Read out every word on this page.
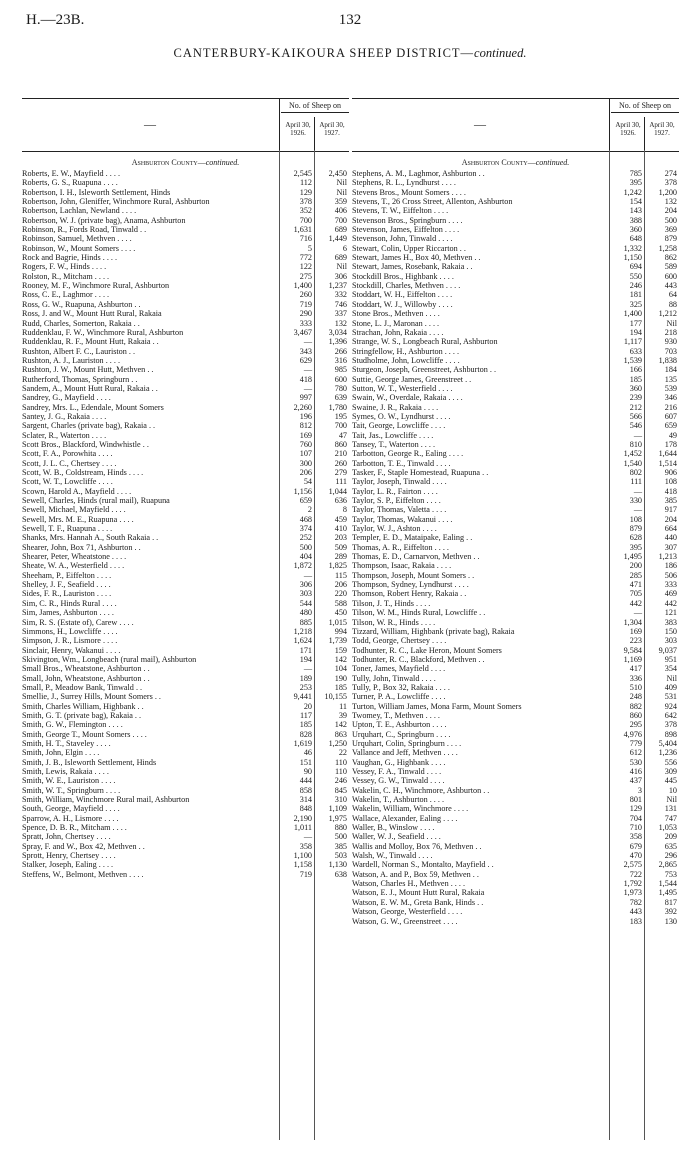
H.—23B.	132
CANTERBURY-KAIKOURA SHEEP DISTRICT—continued.
—
No. of Sheep on
April 30, 1926.
April 30, 1927.
Ashburton County—continued.
Roberts, E. W., Mayfield . . . .	2,545	2,450
Roberts, G. S., Ruapuna . . . .	112	Nil
Robertson, I. H., Isleworth Settlement, Hinds	129	Nil
Robertson, John, Gleniffer, Winchmore Rural, Ashburton	378	359
Robertson, Lachlan, Newland . . . .	352	406
Robertson, W. J. (private bag), Anama, Ashburton	700	700
Robinson, R., Fords Road, Tinwald . .	1,631	689
Robinson, Samuel, Methven . . . .	716	1,449
Robinson, W., Mount Somers . . . .	5	6
Rock and Bagrie, Hinds . . . .	772	689
Rogers, F. W., Hinds . . . .	122	Nil
Rolston, R., Mitcham . . . .	275	306
Rooney, M. F., Winchmore Rural, Ashburton	1,400	1,237
Ross, C. E., Laghmor . . . .	260	332
Ross, G. W., Ruapuna, Ashburton . .	719	746
Ross, J. and W., Mount Hutt Rural, Rakaia	290	337
Rudd, Charles, Somerton, Rakaia . .	333	132
Ruddenklau, F. W., Winchmore Rural, Ashburton	3,467	3,034
Ruddenklau, R. F., Mount Hutt, Rakaia . .	—	1,396
Rushton, Albert F. C., Lauriston . .	343	266
Rushton, A. J., Lauriston . . . .	629	316
Rushton, J. W., Mount Hutt, Methven . .	—	985
Rutherford, Thomas, Springburn . .	418	600
Sandem, A., Mount Hutt Rural, Rakaia . .	—	780
Sandrey, G., Mayfield . . . .	997	639
Sandrey, Mrs. L., Edendale, Mount Somers	2,260	1,780
Santey, J. G., Rakaia . . . .	196	195
Sargent, Charles (private bag), Rakaia . .	812	700
Sclater, R., Waterton . . . .	169	47
Scott Bros., Blackford, Windwhistle . .	760	860
Scott, F. A., Porowhita . . . .	107	210
Scott, J. L. C., Chertsey . . . .	300	260
Scott, W. B., Coldstream, Hinds . . . .	206	279
Scott, W. T., Lowcliffe . . . .	54	111
Scown, Harold A., Mayfield . . . .	1,156	1,044
Sewell, Charles, Hinds (rural mail), Ruapuna	659	636
Sewell, Michael, Mayfield . . . .	2	8
Sewell, Mrs. M. E., Ruapuna . . . .	468	459
Sewell, T. F., Ruapuna . . . .	374	410
Shanks, Mrs. Hannah A., South Rakaia . .	252	203
Shearer, John, Box 71, Ashburton . .	500	509
Shearer, Peter, Wheatstone . . . .	404	289
Sheate, W. A., Westerfield . . . .	1,872	1,825
Sheeham, P., Eiffelton . . . .	—	115
Shelley, J. F., Seafield . . . .	306	206
Sides, F. R., Lauriston . . . .	303	220
Sim, C. R., Hinds Rural . . . .	544	588
Sim, James, Ashburton . . . .	480	450
Sim, R. S. (Estate of), Carew . . . .	885	1,015
Simmons, H., Lowcliffe . . . .	1,218	994
Simpson, J. R., Lismore . . . .	1,624	1,739
Sinclair, Henry, Wakanui . . . .	171	159
Skivington, Wm., Longbeach (rural mail), Ashburton	194	142
Small Bros., Wheatstone, Ashburton . .	—	104
Small, John, Wheatstone, Ashburton . .	189	190
Small, P., Meadow Bank, Tinwald . .	253	185
Smellie, J., Surrey Hills, Mount Somers . .	9,441	10,155
Smith, Charles William, Highbank . .	20	11
Smith, G. T. (private bag), Rakaia . .	117	39
Smith, G. W., Flemington . . . .	185	142
Smith, George T., Mount Somers . . . .	828	863
Smith, H. T., Staveley . . . .	1,619	1,250
Smith, John, Elgin . . . .	46	22
Smith, J. B., Isleworth Settlement, Hinds	151	110
Smith, Lewis, Rakaia . . . .	90	110
Smith, W. E., Lauriston . . . .	444	246
Smith, W. T., Springburn . . . .	858	845
Smith, William, Winchmore Rural mail, Ashburton	314	310
South, George, Mayfield . . . .	848	1,109
Sparrow, A. H., Lismore . . . .	2,190	1,975
Spence, D. B. R., Mitcham . . . .	1,011	880
Spratt, John, Chertsey . . . .	—	500
Spray, F. and W., Box 42, Methven . .	358	385
Sprott, Henry, Chertsey . . . .	1,100	503
Stalker, Joseph, Ealing . . . .	1,158	1,130
Steffens, W., Belmont, Methven . . . .	719	638
—
No. of Sheep on
April 30, 1926.
April 30, 1927.
Ashburton County—continued.
Stephens, A. M., Laghmor, Ashburton . .	785	274
Stephens, R. L., Lyndhurst . . . .	395	378
Stevens Bros., Mount Somers . . . .	1,242	1,200
Stevens, T., 26 Cross Street, Allenton, Ashburton	154	132
Stevens, T. W., Eiffelton . . . .	143	204
Stevenson Bros., Springburn . . . .	388	500
Stevenson, James, Eiffelton . . . .	360	369
Stevenson, John, Tinwald . . . .	648	879
Stewart, Colin, Upper Riccarton . .	1,332	1,258
Stewart, James H., Box 40, Methven . .	1,150	862
Stewart, James, Rosebank, Rakaia . .	694	589
Stockdill Bros., Highbank . . . .	550	600
Stockdill, Charles, Methven . . . .	246	443
Stoddart, W. H., Eiffelton . . . .	181	64
Stoddart, W. J., Willowby . . . .	325	88
Stone Bros., Methven . . . .	1,400	1,212
Stone, L. J., Maronan . . . .	177	Nil
Strachan, John, Rakaia . . . .	194	218
Strange, W. S., Longbeach Rural, Ashburton	1,117	930
Stringfellow, H., Ashburton . . . .	633	703
Studholme, John, Lowcliffe . . . .	1,539	1,838
Sturgeon, Joseph, Greenstreet, Ashburton . .	166	184
Suttie, George James, Greenstreet . .	185	135
Sutton, W. T., Westerfield . . . .	360	539
Swain, W., Overdale, Rakaia . . . .	239	346
Swaine, J. R., Rakaia . . . .	212	216
Symes, O. W., Lyndhurst . . . .	566	607
Tait, George, Lowcliffe . . . .	546	659
Tait, Jas., Lowcliffe . . . .	—	49
Tansey, T., Waterton . . . .	810	178
Tarbotton, George R., Ealing . . . .	1,452	1,644
Tarbotton, T. E., Tinwald . . . .	1,540	1,514
Tasker, F., Staple Homestead, Ruapuna . .	802	906
Taylor, Joseph, Tinwald . . . .	111	108
Taylor, L. R., Fairton . . . .	—	418
Taylor, S. P., Eiffelton . . . .	330	385
Taylor, Thomas, Valetta . . . .	—	917
Taylor, Thomas, Wakanui . . . .	108	204
Taylor, W. J., Ashton . . . .	879	664
Templer, E. D., Mataipake, Ealing . .	628	440
Thomas, A. R., Eiffelton . . . .	395	307
Thomas, E. D., Carnarvon, Methven . .	1,495	1,213
Thompson, Isaac, Rakaia . . . .	200	186
Thompson, Joseph, Mount Somers . .	285	506
Thompson, Sydney, Lyndhurst . . . .	471	333
Thomson, Robert Henry, Rakaia . .	705	469
Tilson, J. T., Hinds . . . .	442	442
Tilson, W. M., Hinds Rural, Lowcliffe . .	—	121
Tilson, W. R., Hinds . . . .	1,304	383
Tizzard, William, Highbank (private bag), Rakaia	169	150
Todd, George, Chertsey . . . .	223	303
Todhunter, R. C., Lake Heron, Mount Somers	9,584	9,037
Todhunter, R. C., Blackford, Methven . .	1,169	951
Toner, James, Mayfield . . . .	417	354
Tully, John, Tinwald . . . .	336	Nil
Tully, P., Box 32, Rakaia . . . .	510	409
Turner, P. A., Lowcliffe . . . .	248	531
Turton, William James, Mona Farm, Mount Somers	882	924
Twomey, T., Methven . . . .	860	642
Upton, T. E., Ashburton . . . .	295	378
Urquhart, C., Springburn . . . .	4,976	898
Urquhart, Colin, Springburn . . . .	779	5,404
Vallance and Jeff, Methven . . . .	612	1,236
Vaughan, G., Highbank . . . .	530	556
Vessey, F. A., Tinwald . . . .	416	309
Vessey, G. W., Tinwald . . . .	437	445
Wakelin, C. H., Winchmore, Ashburton . .	3	10
Wakelin, T., Ashburton . . . .	801	Nil
Wakelin, William, Winchmore . . . .	129	131
Wallace, Alexander, Ealing . . . .	704	747
Waller, B., Winslow . . . .	710	1,053
Waller, W. J., Seafield . . . .	358	209
Wallis and Molloy, Box 76, Methven . .	679	635
Walsh, W., Tinwald . . . .	470	296
Wardell, Norman S., Montalto, Mayfield . .	2,575	2,865
Watson, A. and P., Box 59, Methven . .	722	753
Watson, Charles H., Methven . . . .	1,792	1,544
Watson, E. J., Mount Hutt Rural, Rakaia	1,973	1,495
Watson, E. W. M., Greta Bank, Hinds . .	782	817
Watson, George, Westerfield . . . .	443	392
Watson, G. W., Greenstreet . . . .	183	130
